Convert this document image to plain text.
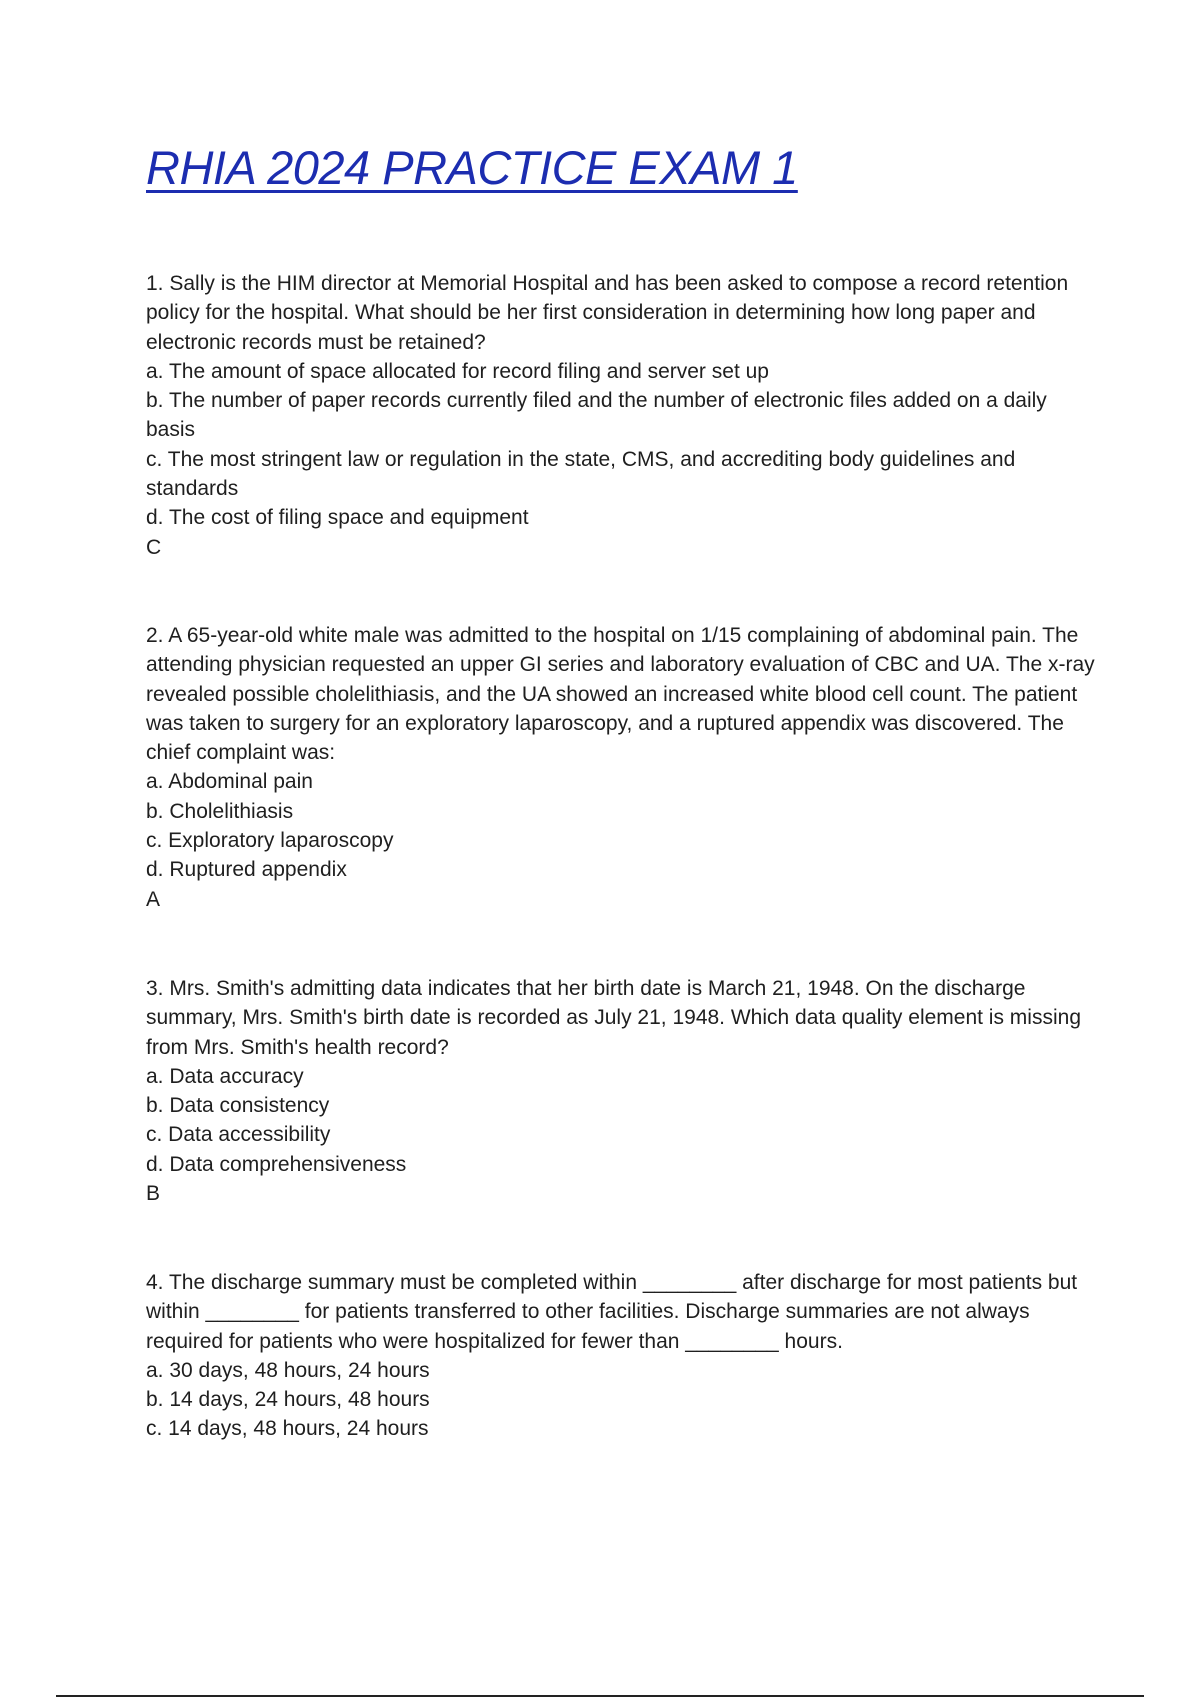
RHIA 2024 PRACTICE EXAM 1

1. Sally is the HIM director at Memorial Hospital and has been asked to compose a record retention policy for the hospital. What should be her first consideration in determining how long paper and electronic records must be retained?

a. The amount of space allocated for record filing and server set up

b. The number of paper records currently filed and the number of electronic files added on a daily basis

c. The most stringent law or regulation in the state, CMS, and accrediting body guidelines and standards

d. The cost of filing space and equipment

C

2. A 65-year-old white male was admitted to the hospital on 1/15 complaining of abdominal pain. The attending physician requested an upper GI series and laboratory evaluation of CBC and UA. The x-ray revealed possible cholelithiasis, and the UA showed an increased white blood cell count. The patient was taken to surgery for an exploratory laparoscopy, and a ruptured appendix was discovered. The chief complaint was:

a. Abdominal pain

b. Cholelithiasis

c. Exploratory laparoscopy

d. Ruptured appendix

A

3. Mrs. Smith's admitting data indicates that her birth date is March 21, 1948. On the discharge summary, Mrs. Smith's birth date is recorded as July 21, 1948. Which data quality element is missing from Mrs. Smith's health record?

a. Data accuracy

b. Data consistency

c. Data accessibility

d. Data comprehensiveness

B

4. The discharge summary must be completed within ________ after discharge for most patients but within ________ for patients transferred to other facilities. Discharge summaries are not always required for patients who were hospitalized for fewer than ________ hours.

a. 30 days, 48 hours, 24 hours

b. 14 days, 24 hours, 48 hours

c. 14 days, 48 hours, 24 hours
